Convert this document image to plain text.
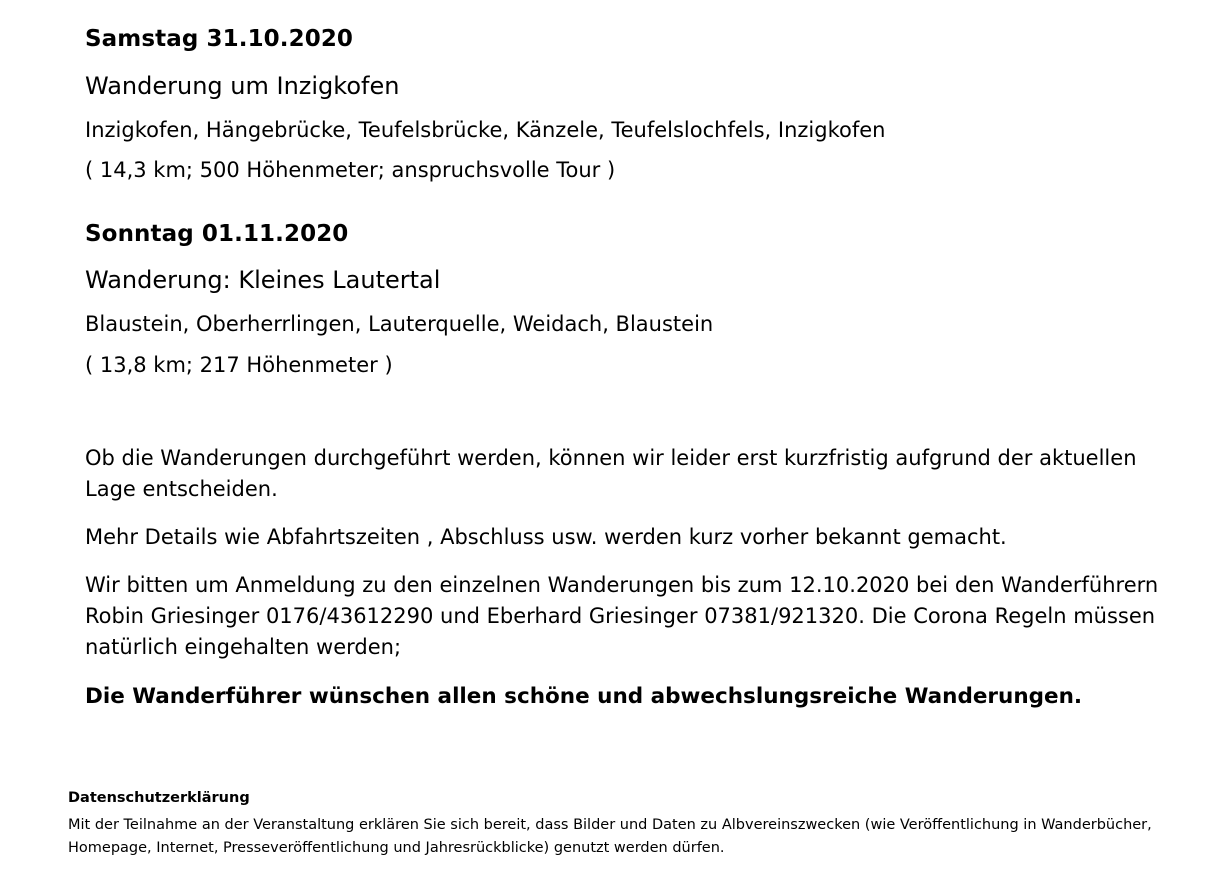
Samstag 31.10.2020

Wanderung um Inzigkofen

Inzigkofen, Hängebrücke, Teufelsbrücke, Känzele, Teufelslochfels, Inzigkofen

( 14,3 km; 500 Höhenmeter; anspruchsvolle Tour )

Sonntag 01.11.2020

Wanderung: Kleines Lautertal

Blaustein, Oberherrlingen, Lauterquelle, Weidach, Blaustein

( 13,8 km; 217 Höhenmeter )

Ob die Wanderungen durchgeführt werden, können wir leider erst kurzfristig aufgrund der aktuellen Lage entscheiden.

Mehr Details wie Abfahrtszeiten , Abschluss usw. werden kurz vorher bekannt gemacht.

Wir bitten um Anmeldung zu den einzelnen Wanderungen bis zum 12.10.2020 bei den Wanderführern Robin Griesinger 0176/43612290 und Eberhard Griesinger 07381/921320. Die Corona Regeln müssen natürlich eingehalten werden;

Die Wanderführer wünschen allen schöne und abwechslungsreiche Wanderungen.

Datenschutzerklärung

Mit der Teilnahme an der Veranstaltung erklären Sie sich bereit, dass Bilder und Daten zu Albvereinszwecken (wie Veröffentlichung in Wanderbücher, Homepage, Internet, Presseveröffentlichung und Jahresrückblicke) genutzt werden dürfen.
